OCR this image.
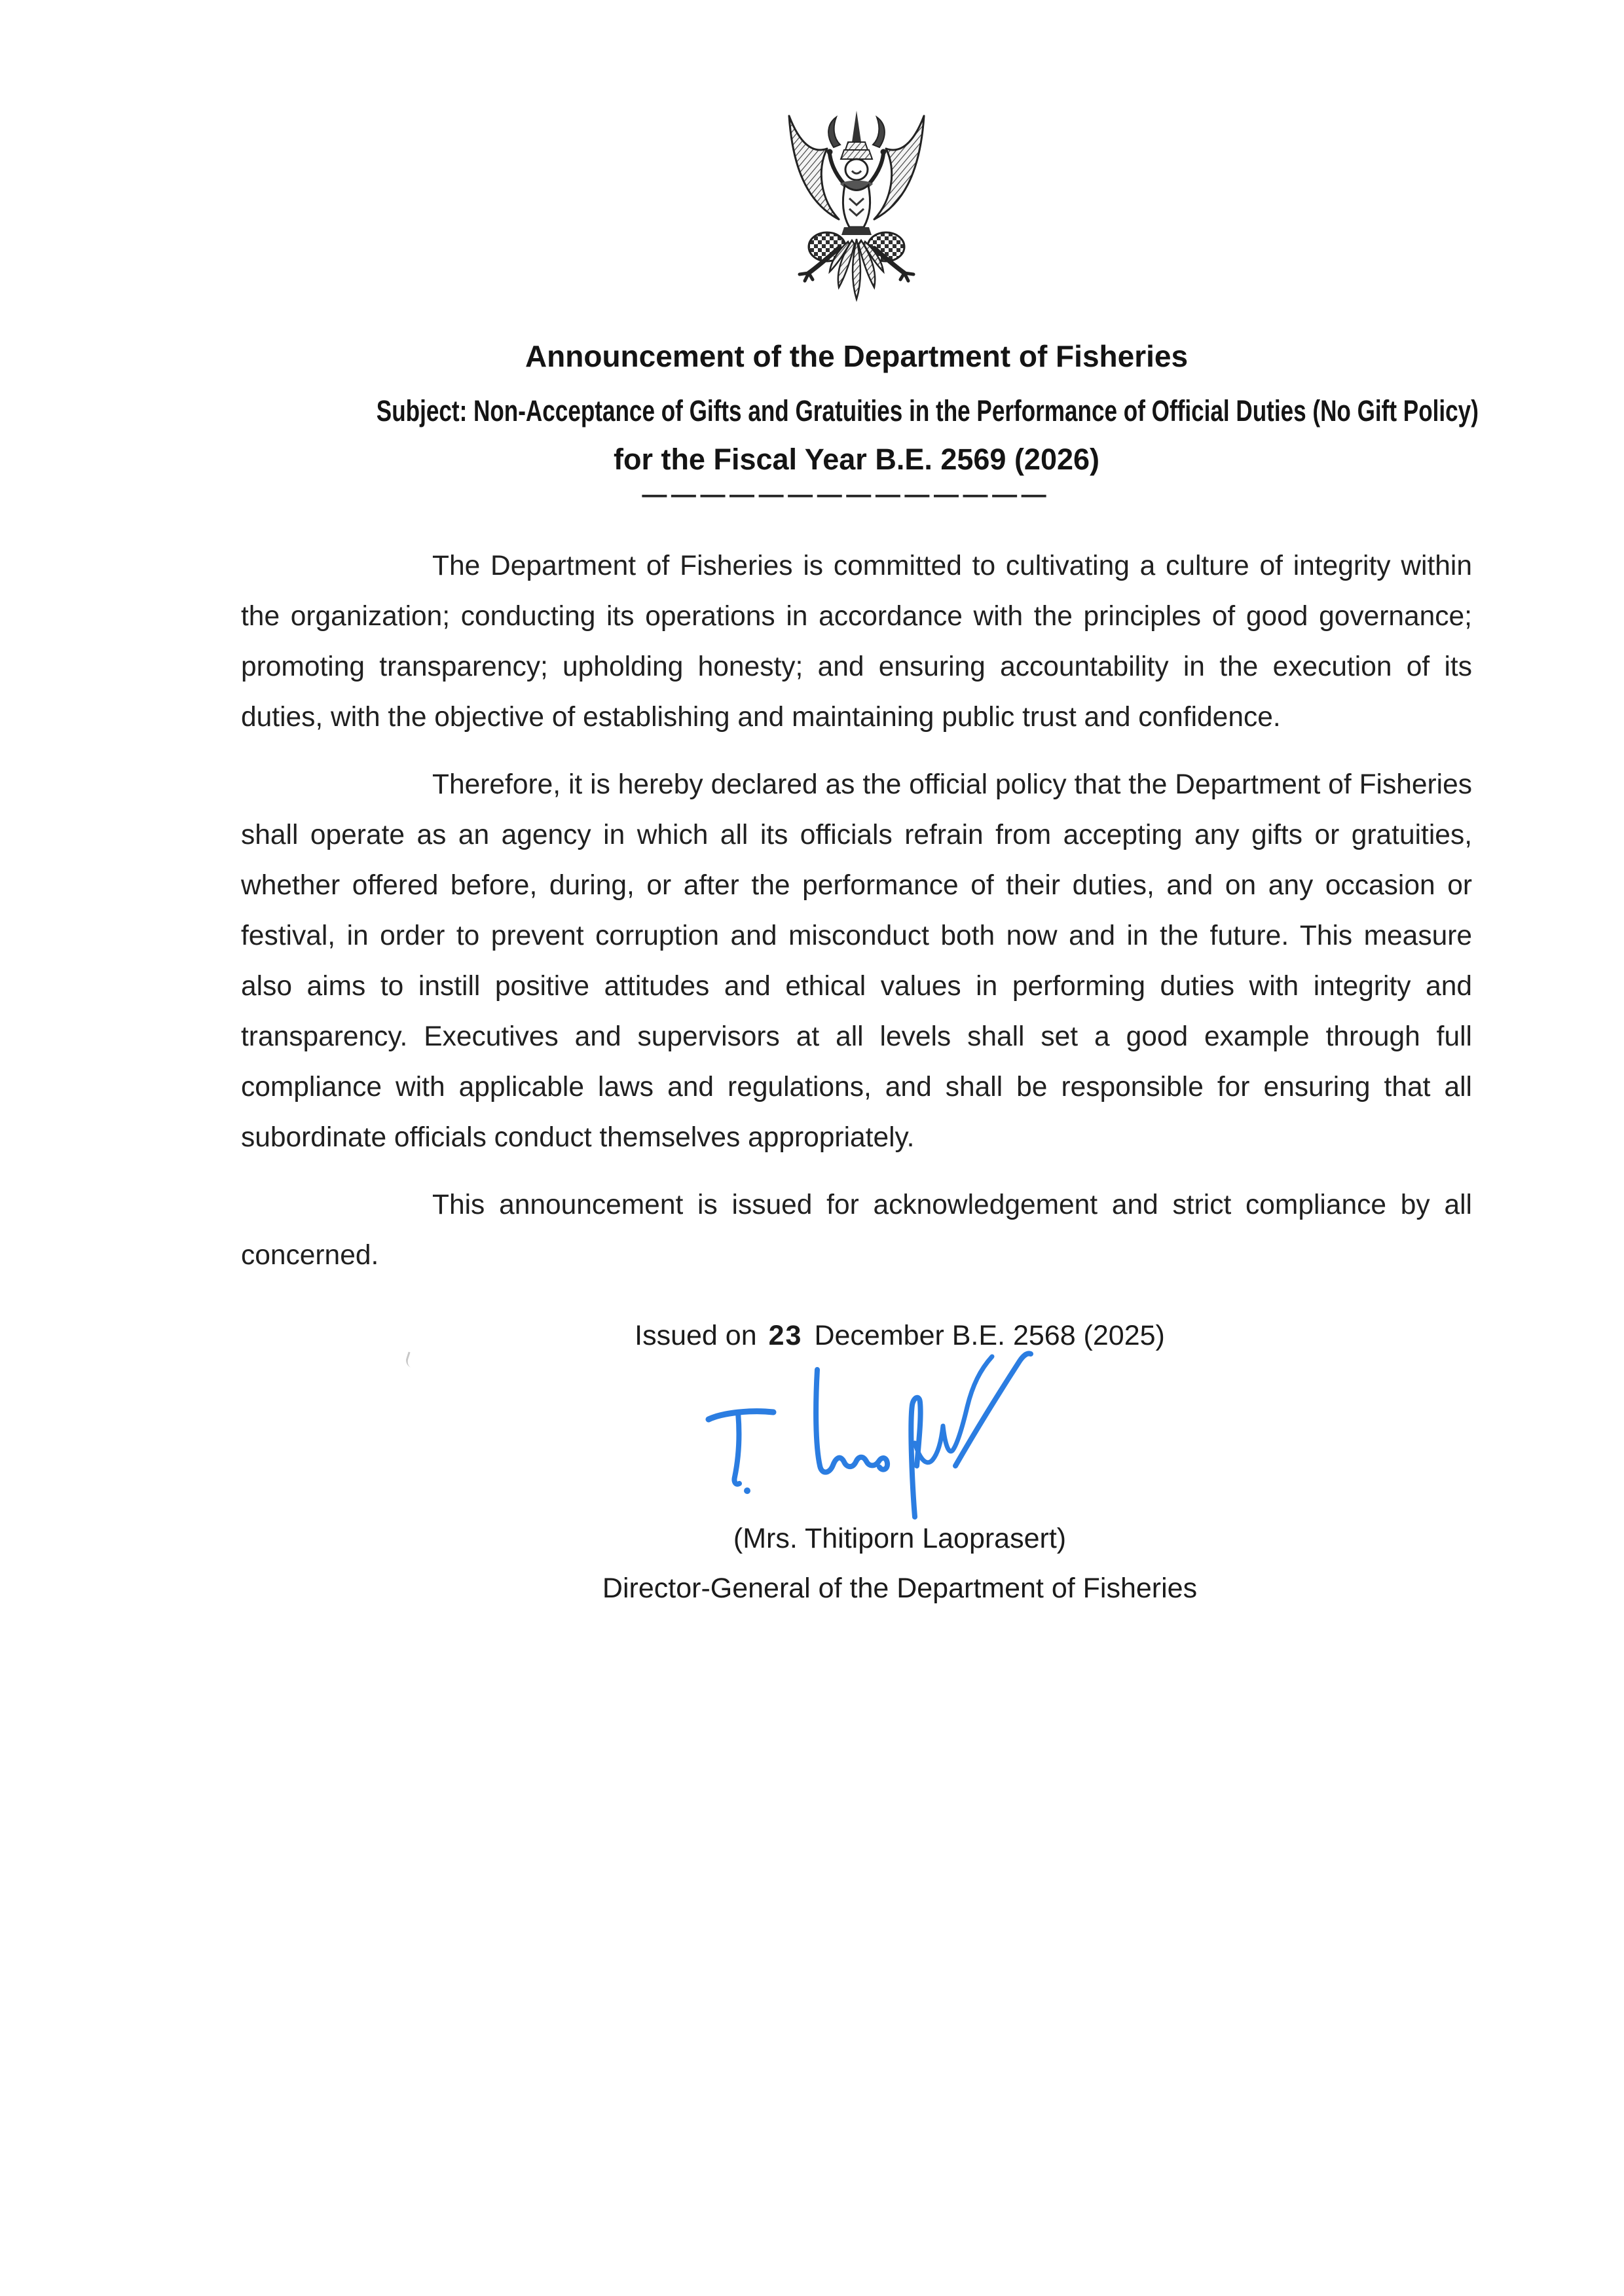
Announcement of the Department of Fisheries
Subject: Non-Acceptance of Gifts and Gratuities in the Performance of Official Duties (No Gift Policy)
for the Fiscal Year B.E. 2569 (2026)
— — — — — — — — — — — — — —

The Department of Fisheries is committed to cultivating a culture of integrity within the organization; conducting its operations in accordance with the principles of good governance; promoting transparency; upholding honesty; and ensuring accountability in the execution of its duties, with the objective of establishing and maintaining public trust and confidence.

Therefore, it is hereby declared as the official policy that the Department of Fisheries shall operate as an agency in which all its officials refrain from accepting any gifts or gratuities, whether offered before, during, or after the performance of their duties, and on any occasion or festival, in order to prevent corruption and misconduct both now and in the future. This measure also aims to instill positive attitudes and ethical values in performing duties with integrity and transparency. Executives and supervisors at all levels shall set a good example through full compliance with applicable laws and regulations, and shall be responsible for ensuring that all subordinate officials conduct themselves appropriately.

This announcement is issued for acknowledgement and strict compliance by all concerned.

Issued on 23 December B.E. 2568 (2025)
(Mrs. Thitiporn Laoprasert)
Director-General of the Department of Fisheries
